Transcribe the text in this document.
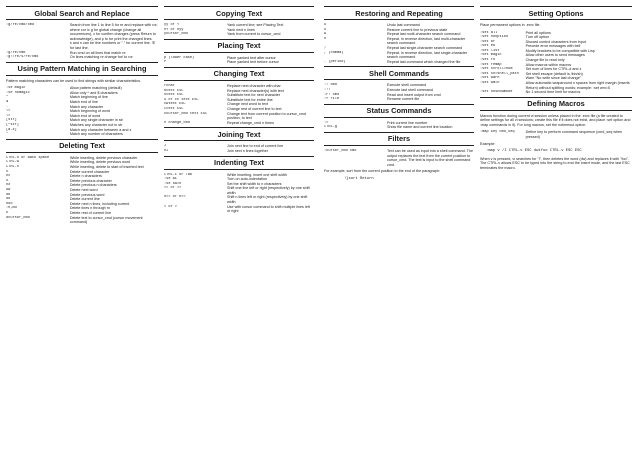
Global Search and Replace
:g/re/cmd/cmd	Search from line 1 to line 5 for re and replace with ror, where cor ic g for global change (change all occurrences), c for confirm changes (press Return to acknowledge), and p to for print the changed lines.
s and n can be line numbers or "." for current line. '$' for last line.
:g/re/cmd	Run cmd on all lines that match re
:g!/re/s/re/cmd	On lines matching re change for/ to ror
Using Pattern Matching in Searching
Pattern matching characters can be used to find strings with similar characteristics.
:se magic	Allow pattern matching (default)
:se nomagic	Allow only ^ and $ characters
^	Match beginning of line
$	Match end of line
.	Match any character
\<	Match beginning of word
\>	Match end of word
[str]	Match any single character in str
[^str]	Matches any character not in str
[a-z]	Match any character between a and z
*	Match any number of characters
Deleting Text
CTRL-h or Back space	While inserting, delete previous character
CTRL-w	While inserting, delete previous word
CTRL-x	While inserting, delete to start of inserted text
x	Delete current character
nx	Delete n characters
X	Delete previous character
nX	Delete previous n characters
dw	Delete next word
db	Delete previous word
dd	Delete current line
ndd	Delete next n lines, including current
:n,md	Delete lines n through m
D	Delete rest of current line
dcursor_cmd	Delete text to cursor_cmd (cursor movement command)
Copying Text
yy or Y	Yank current line; see Placing Text
nY or nyy	Yank next n lines
ycursor_cmd	Yank from current to cursor_cmd
Placing Text
p (lower case)	Place yanked text after cursor
P	Place yanked text before cursor
Changing Text
rchar	Replace next character with char
Rtext ESC	Replace next character(s) with text
stext ESC	Substitute text for next character
S or cc text ESC	Substitute text for entire line
cwtext ESC	Change next word to text
Ctext ESC	Change rest of current line to text
ccursor_cmd text ESC	Change text from current position to cursor_cmd position, to text
n change_cmd	Repeat change_cmd n times
Joining Text
J	Join next line to end of current line
nJ	Join next n lines together
Indenting Text
CTRL-i or Tab	While inserting, insert one shift width
:se ai	Turn on auto-indentation
:se sw=n	Set the shift width to n characters
<< or >>	Shift one line left or right (respectively) by one shift width
n<< or n>>	Shift n lines left or right (respectively) by one shift width
< or >	Use with cursor command to shift multiple lines left or right
Restoring and Repeating
u	Undo last command
U	Restore current line to previous state
&	Repeat last multi-character search command
n	Repeat, in reverse direction, last multi-character search command
;	Repeat last single-character search command
, (comma)	Repeat, in reverse direction, last single-character search command
. (period)	Repeat last command which changed the file
Shell Commands
:! cmd	Execute shell command
:!!	Execute last shell command
:r! cmd	Read and insert output from cmd
:f file	Rename current file
Status Commands
:=	Print current line number
CTRL-g	Show file name and current line location
Filters
!cursor_cmd cmd	Text can be used as input into a shell command. The output replaces the text from the current position to cursor_cmd. The text is input to the shell command cmd.
For example, sort from the current position to the end of the paragraph:
!}sort Return
Setting Options
Place permanent options in .exrc file.
:set all	Print all options
:set nooption	Turn off option
:set bf	Discard control characters from input
:set eb	Precede error messages with bell
:set list	Modify brackets to be compatible with Lisp
:set magic	Allow other users to send messages
:set ro	Change file to read only
:set remap	Allow macros within macros
:set scroll=num	Set num of lines for CTRL-d and z
:set sh=shell_path	Set shell escape (default is /bin/sh)
:set warn	Warn "No write since last change"
:set wm=n	Allow automatic wraparound n spaces from right margin (inserts Return) without splitting words; example: :set wm=5
:set noshowmode	No 1 second time limit for macros
Defining Macros
Macros function during current vi session unless placed in the .exrc file (a file created to define settings for all vi sessions; create this file if it does not exist, and place :set option and :map commands in it). For long macros, set the notimeout option.
:map key cmd_seq	Define key to perform command sequence (cmd_seq when pressed)
Example:
:map v /I CTRL-v ESC dwifoo CTRL-v ESC ESC
When v is pressed, vi searches for "I", then deletes the word (dw) and replaces it with "foo". The CTRL-v allows ESC to be typed into the string to end the insert mode, and the last ESC terminates the macro.
